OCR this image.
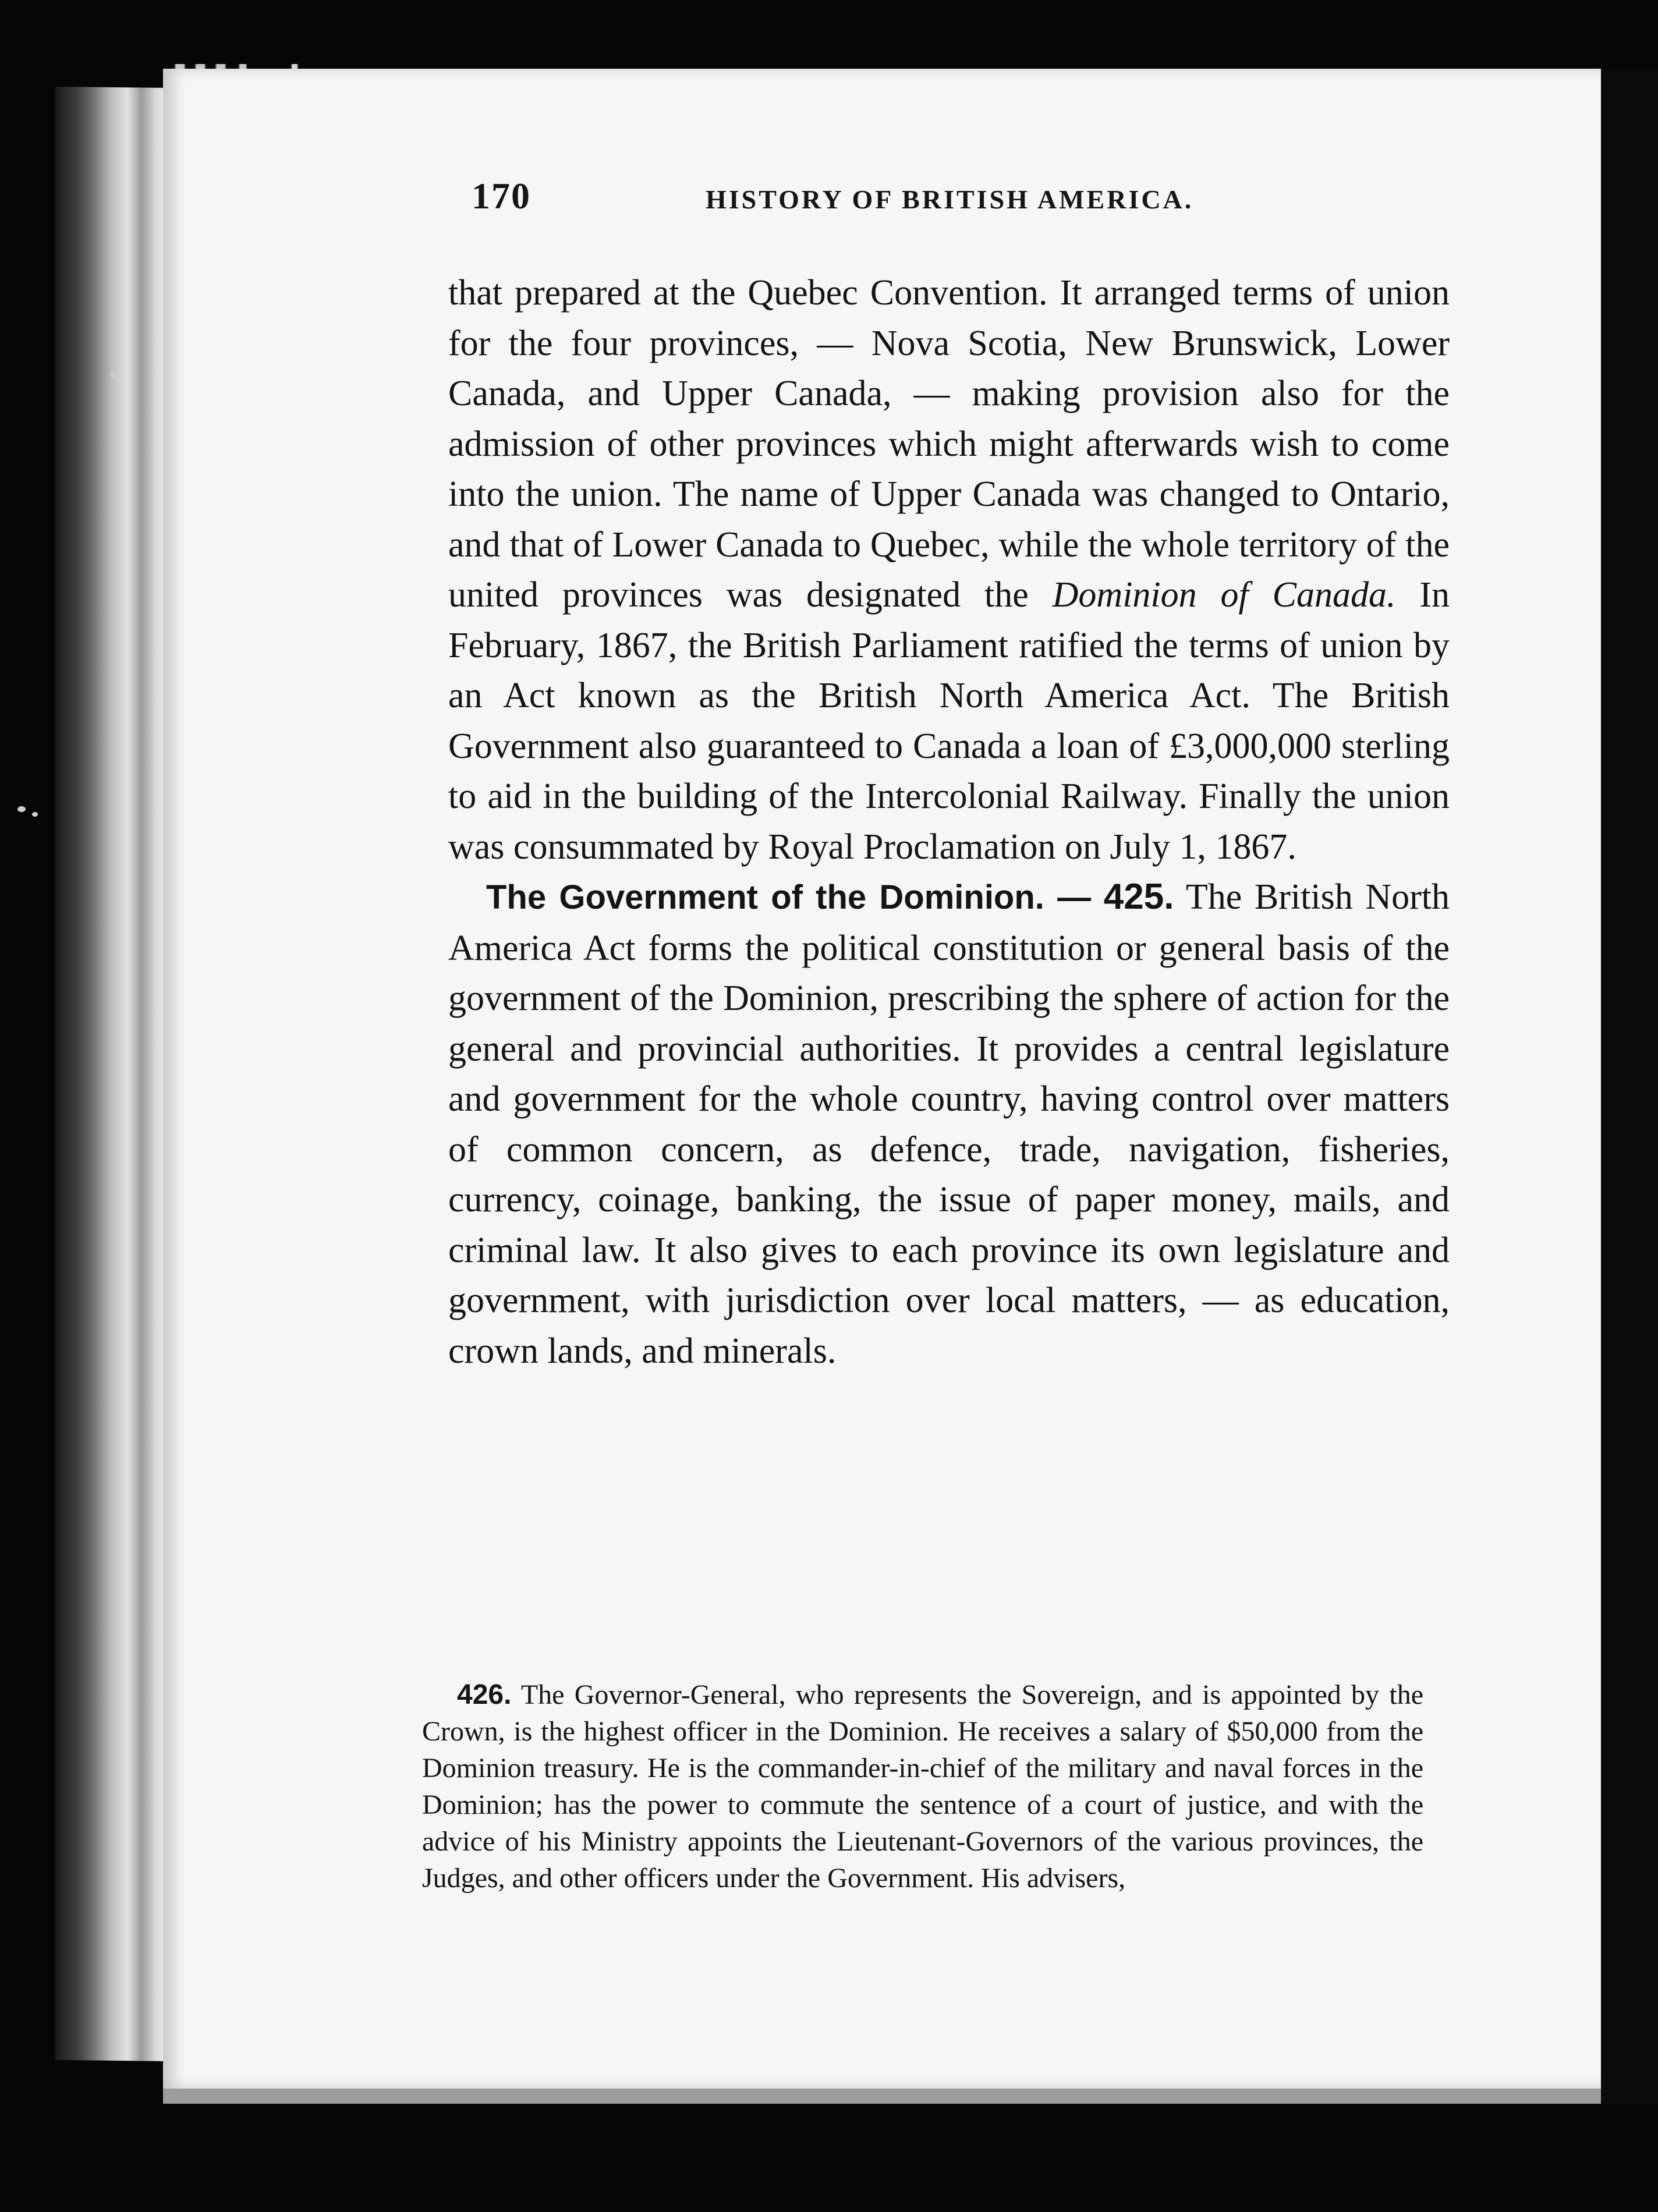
170	HISTORY OF BRITISH AMERICA.

that prepared at the Quebec Convention. It arranged terms of union for the four provinces, — Nova Scotia, New Brunswick, Lower Canada, and Upper Canada, — making provision also for the admission of other provinces which might afterwards wish to come into the union. The name of Upper Canada was changed to Ontario, and that of Lower Canada to Quebec, while the whole territory of the united provinces was designated the Dominion of Canada. In February, 1867, the British Parliament ratified the terms of union by an Act known as the British North America Act. The British Government also guaranteed to Canada a loan of £3,000,000 sterling to aid in the building of the Intercolonial Railway. Finally the union was consummated by Royal Proclamation on July 1, 1867.

The Government of the Dominion. — 425. The British North America Act forms the political constitution or general basis of the government of the Dominion, prescribing the sphere of action for the general and provincial authorities. It provides a central legislature and government for the whole country, having control over matters of common concern, as defence, trade, navigation, fisheries, currency, coinage, banking, the issue of paper money, mails, and criminal law. It also gives to each province its own legislature and government, with jurisdiction over local matters, — as education, crown lands, and minerals.

426. The Governor-General, who represents the Sovereign, and is appointed by the Crown, is the highest officer in the Dominion. He receives a salary of $50,000 from the Dominion treasury. He is the commander-in-chief of the military and naval forces in the Dominion; has the power to commute the sentence of a court of justice, and with the advice of his Ministry appoints the Lieutenant-Governors of the various provinces, the Judges, and other officers under the Government. His advisers,
